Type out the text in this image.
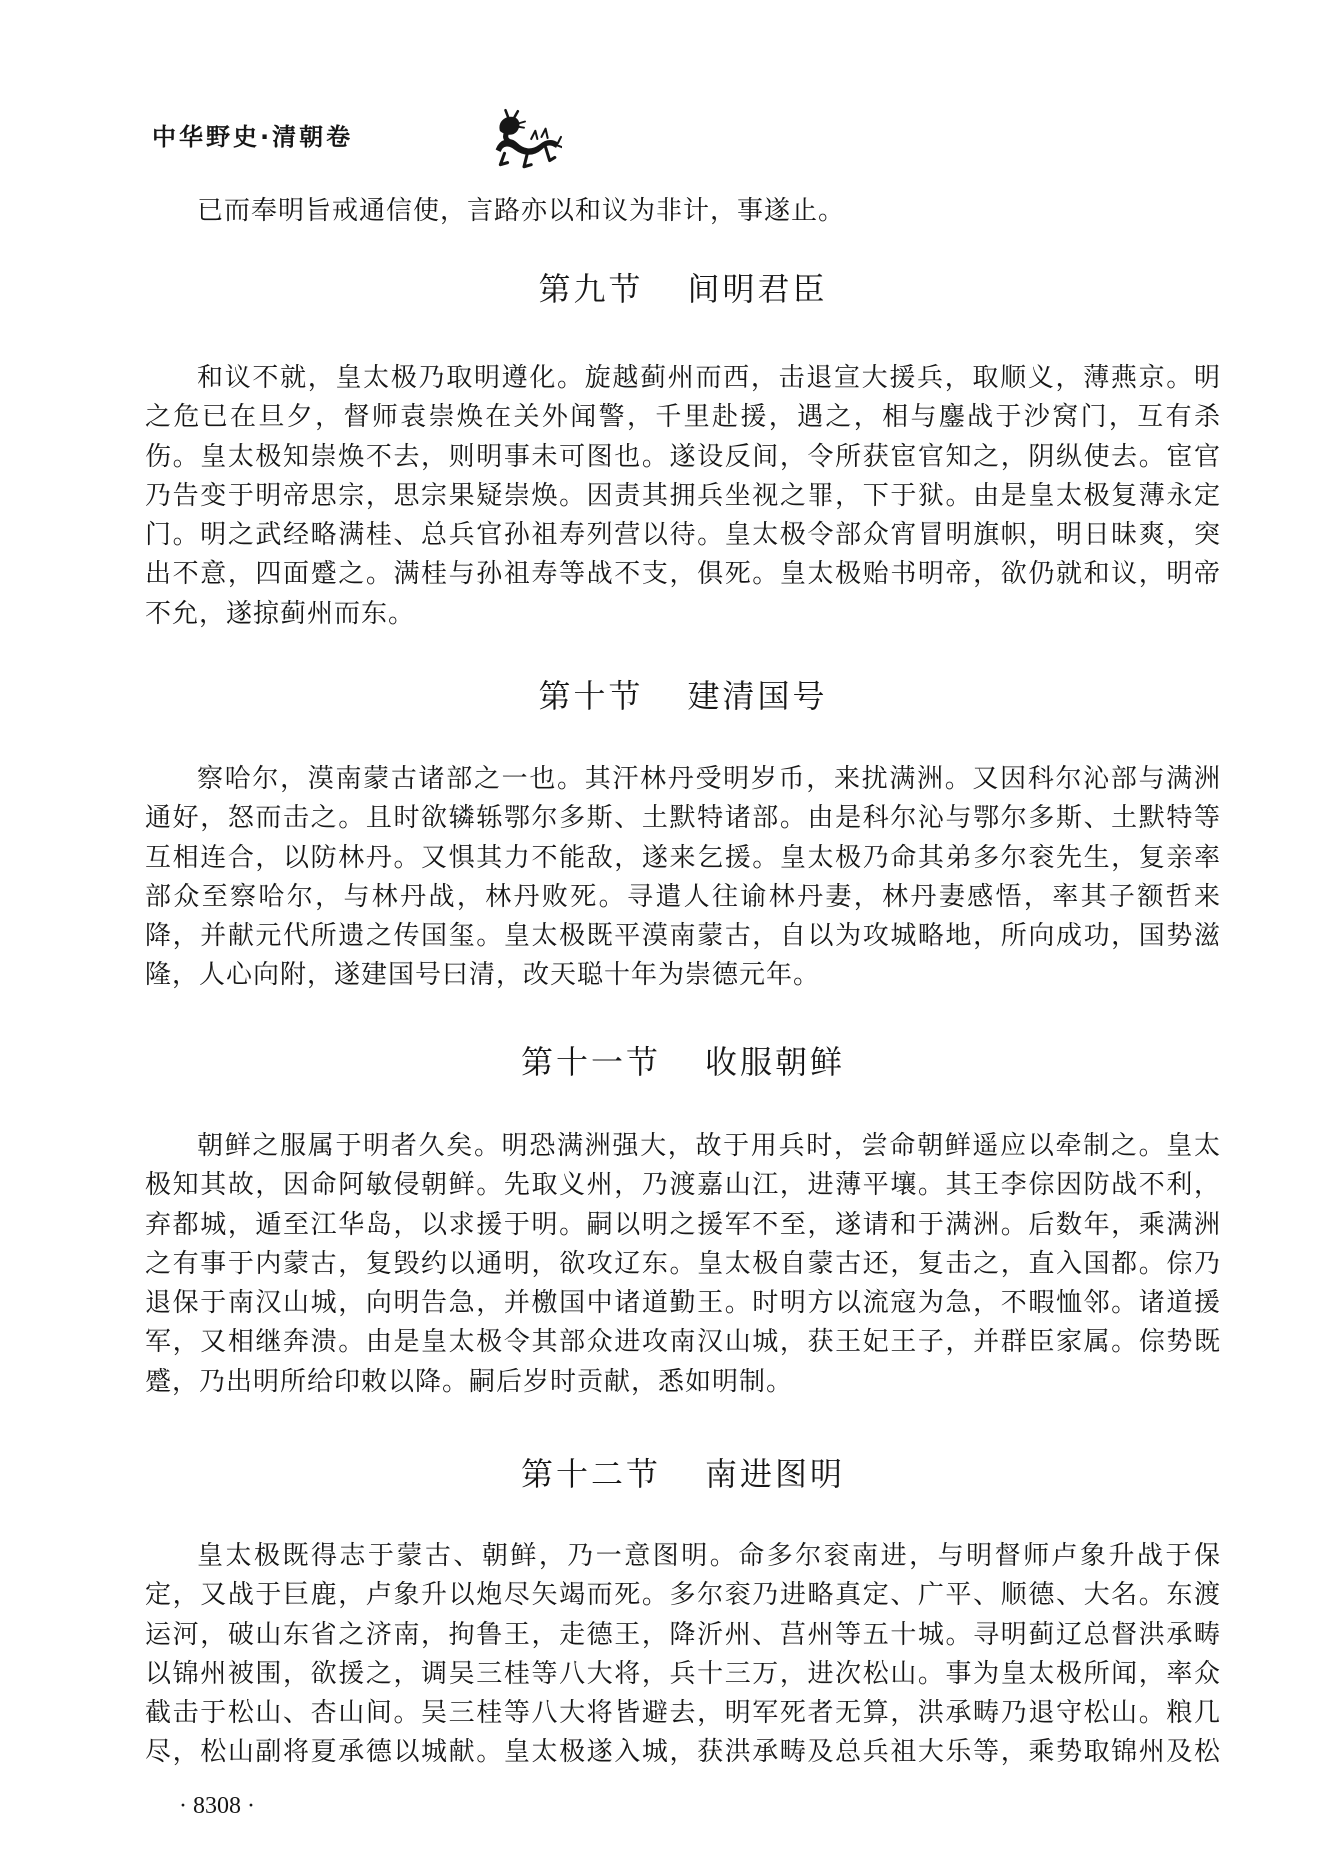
中华野史·清朝卷
已而奉明旨戒通信使，言路亦以和议为非计，事遂止。
第九节 间明君臣
和议不就，皇太极乃取明遵化。旋越蓟州而西，击退宣大援兵，取顺义，薄燕京。明
之危已在旦夕，督师袁崇焕在关外闻警，千里赴援，遇之，相与鏖战于沙窝门，互有杀
伤。皇太极知崇焕不去，则明事未可图也。遂设反间，令所获宦官知之，阴纵使去。宦官
乃告变于明帝思宗，思宗果疑崇焕。因责其拥兵坐视之罪，下于狱。由是皇太极复薄永定
门。明之武经略满桂、总兵官孙祖寿列营以待。皇太极令部众宵冒明旗帜，明日昧爽，突
出不意，四面蹙之。满桂与孙祖寿等战不支，俱死。皇太极贻书明帝，欲仍就和议，明帝
不允，遂掠蓟州而东。
第十节 建清国号
察哈尔，漠南蒙古诸部之一也。其汗林丹受明岁币，来扰满洲。又因科尔沁部与满洲
通好，怒而击之。且时欲辚轹鄂尔多斯、土默特诸部。由是科尔沁与鄂尔多斯、土默特等
互相连合，以防林丹。又惧其力不能敌，遂来乞援。皇太极乃命其弟多尔衮先生，复亲率
部众至察哈尔，与林丹战，林丹败死。寻遣人往谕林丹妻，林丹妻感悟，率其子额哲来
降，并献元代所遗之传国玺。皇太极既平漠南蒙古，自以为攻城略地，所向成功，国势滋
隆，人心向附，遂建国号曰清，改天聪十年为崇德元年。
第十一节 收服朝鲜
朝鲜之服属于明者久矣。明恐满洲强大，故于用兵时，尝命朝鲜遥应以牵制之。皇太
极知其故，因命阿敏侵朝鲜。先取义州，乃渡嘉山江，进薄平壤。其王李倧因防战不利，
弃都城，遁至江华岛，以求援于明。嗣以明之援军不至，遂请和于满洲。后数年，乘满洲
之有事于内蒙古，复毁约以通明，欲攻辽东。皇太极自蒙古还，复击之，直入国都。倧乃
退保于南汉山城，向明告急，并檄国中诸道勤王。时明方以流寇为急，不暇恤邻。诸道援
军，又相继奔溃。由是皇太极令其部众进攻南汉山城，获王妃王子，并群臣家属。倧势既
蹙，乃出明所给印敕以降。嗣后岁时贡献，悉如明制。
第十二节 南进图明
皇太极既得志于蒙古、朝鲜，乃一意图明。命多尔衮南进，与明督师卢象升战于保
定，又战于巨鹿，卢象升以炮尽矢竭而死。多尔衮乃进略真定、广平、顺德、大名。东渡
运河，破山东省之济南，拘鲁王，走德王，降沂州、莒州等五十城。寻明蓟辽总督洪承畴
以锦州被围，欲援之，调吴三桂等八大将，兵十三万，进次松山。事为皇太极所闻，率众
截击于松山、杏山间。吴三桂等八大将皆避去，明军死者无算，洪承畴乃退守松山。粮几
尽，松山副将夏承德以城献。皇太极遂入城，获洪承畴及总兵祖大乐等，乘势取锦州及松
· 8308 ·
